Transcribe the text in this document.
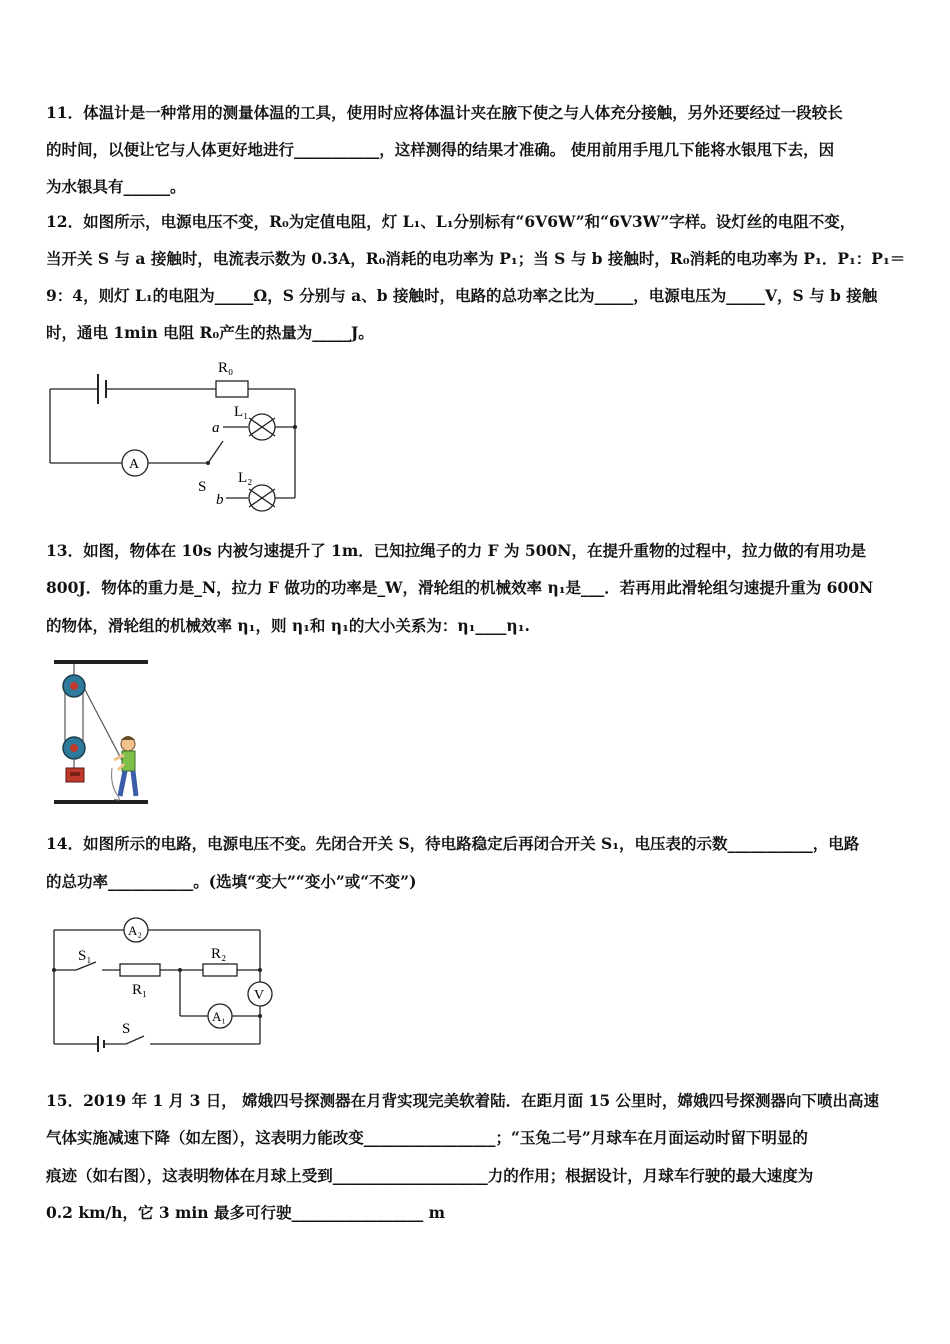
11．体温计是一种常用的测量体温的工具，使用时应将体温计夹在腋下使之与人体充分接触，另外还要经过一段较长
的时间，以便让它与人体更好地进行___________，这样测得的结果才准确。 使用前用手甩几下能将水银甩下去，因
为水银具有______。
12．如图所示，电源电压不变，R₀为定值电阻，灯 L₁、L₁分别标有“6V6W”和“6V3W”字样。设灯丝的电阻不变，
当开关 S 与 a 接触时，电流表示数为 0.3A，R₀消耗的电功率为 P₁；当 S 与 b 接触时，R₀消耗的电功率为 P₁．P₁：P₁＝
9：4，则灯 L₁的电阻为_____Ω，S 分别与 a、b 接触时，电路的总功率之比为_____，电源电压为_____V，S 与 b 接触
时，通电 1min 电阻 R₀产生的热量为_____J。
R₀
L₁
L₂
a
b
S
A
13．如图，物体在 10s 内被匀速提升了 1m．已知拉绳子的力 F 为 500N，在提升重物的过程中，拉力做的有用功是
800J．物体的重力是_N，拉力 F 做功的功率是_W，滑轮组的机械效率 η₁是___．若再用此滑轮组匀速提升重为 600N
的物体，滑轮组的机械效率 η₁，则 η₁和 η₁的大小关系为：η₁____η₁.
14．如图所示的电路，电源电压不变。先闭合开关 S，待电路稳定后再闭合开关 S₁，电压表的示数___________，电路
的总功率___________。(选填“变大”“变小”或“不变”)
A₂
S₁	R₂
R₁	V
A₁
S
15．2019 年 1 月 3 日， 嫦娥四号探测器在月背实现完美软着陆．在距月面 15 公里时，嫦娥四号探测器向下喷出高速
气体实施减速下降（如左图），这表明力能改变_________________；“玉兔二号”月球车在月面运动时留下明显的
痕迹（如右图），这表明物体在月球上受到____________________力的作用；根据设计，月球车行驶的最大速度为
0.2 km/h，它 3 min 最多可行驶_________________ m
